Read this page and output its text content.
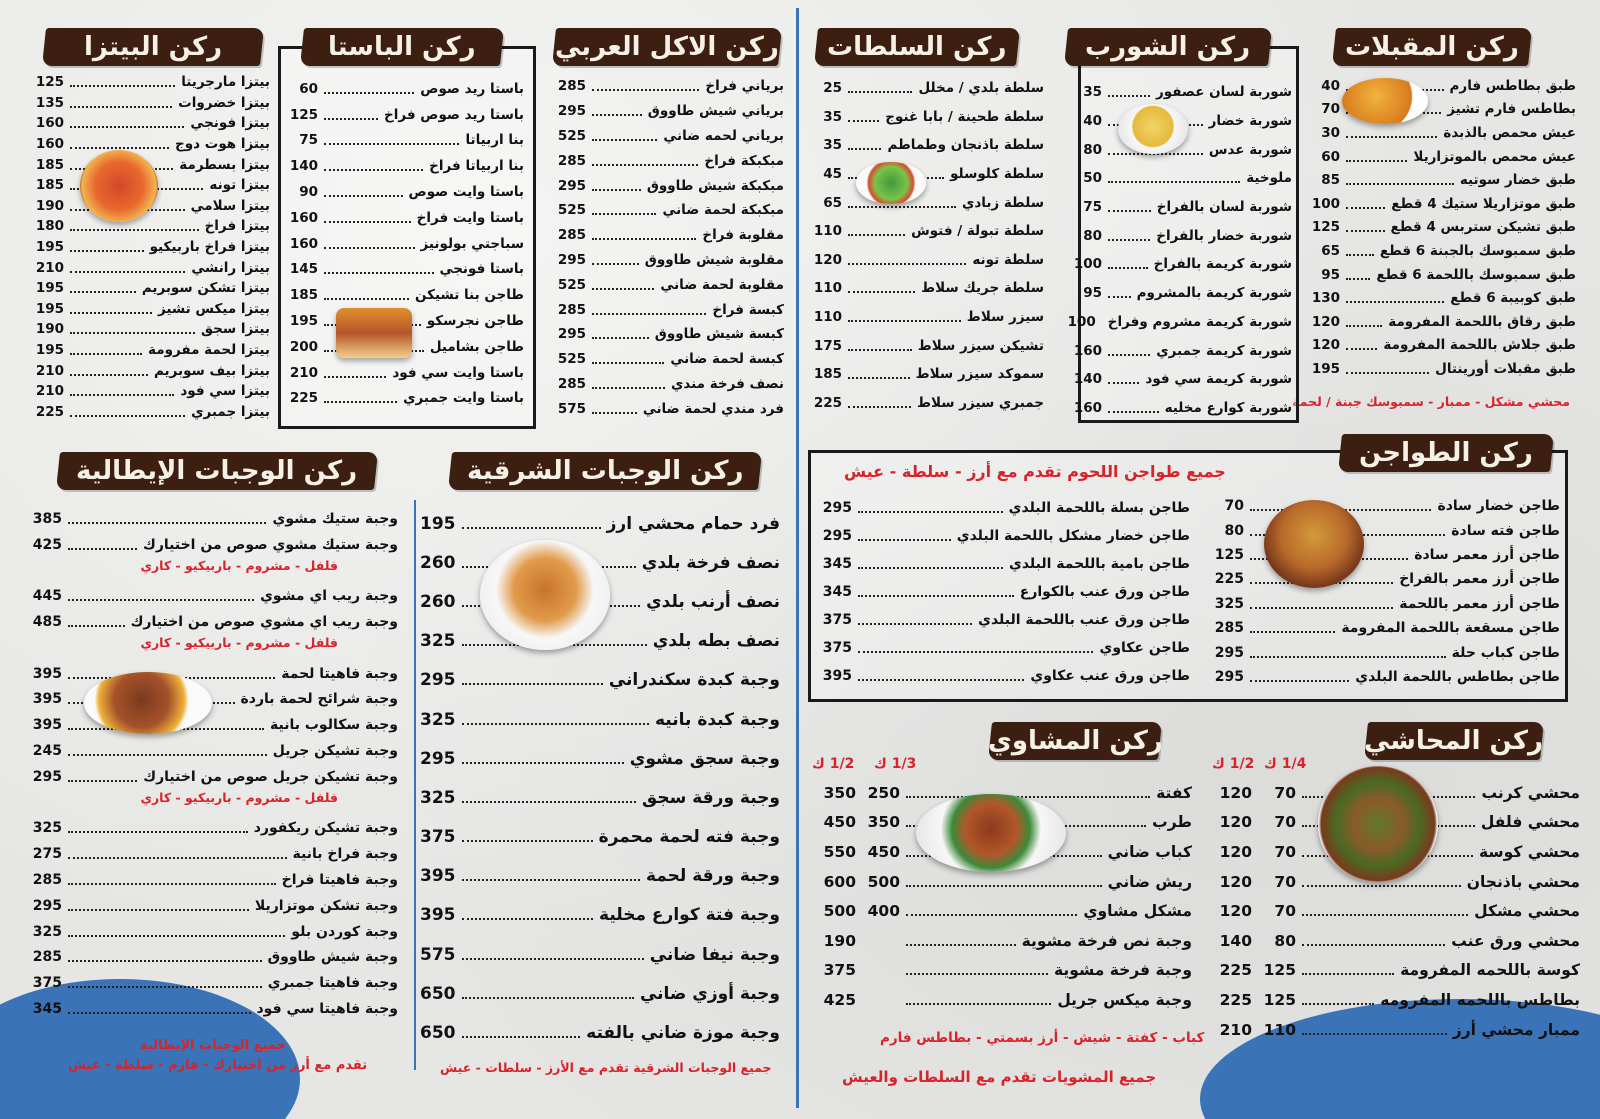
ركن المقبلات
طبق بطاطس فارم
40
بطاطس فارم تشيز
70
عيش محمص بالذبدة
30
عيش محمص بالموتزاريلا
60
طبق خضار سوتيه
85
طبق موتزاريلا ستيك 4 قطع
100
طبق تشيكن ستربس 4 قطع
125
طبق سمبوسك بالجبنة 6 قطع
65
طبق سمبوسك باللحمة 6 قطع
95
طبق كوبيبة 6 قطع
130
طبق رقاق باللحمة المفرومة
120
طبق جلاش باللحمة المفرومة
120
طبق مقبلات أورينتال
195
محشي مشكل - ممبار - سمبوسك جبنة / لحمة
ركن الشورب
شوربة لسان عصفور
35
شوربة خضار
40
شوربة عدس
80
ملوخية
50
شوربة لسان بالفراخ
75
شوربة خضار بالفراخ
80
شوربة كريمة بالفراخ
100
شوربة كريمة بالمشروم
95
شوربة كريمة مشروم وفراخ
100
شوربة كريمة جمبري
160
شوربة كريمة سي فود
140
شوربة كوارع مخليه
160
ركن السلطات
سلطة بلدي / مخلل
25
سلطة طحينة / بابا غنوج
35
سلطة باذنجان وطماطم
35
سلطة كلوسلو
45
سلطة زبادي
65
سلطة تبولة / فتوش
110
سلطة تونه
120
سلطة جريك سلاط
110
سيزر سلاط
110
تشيكن سيزر سلاط
175
سموكد سيزر سلاط
185
جمبري سيزر سلاط
225
ركن الاكل العربي
برياني فراخ
285
برياني شيش طاووق
295
برياني لحمه ضاني
525
مبكبكة فراخ
285
مبكبكة شيش طاووق
295
مبكبكة لحمة ضاني
525
مقلوبة فراخ
285
مقلوبة شيش طاووق
295
مقلوبة لحمة ضاني
525
كبسة فراخ
285
كبسة شيش طاووق
295
كبسة لحمة ضاني
525
نصف فرخة مندي
285
فرد مندي لحمة ضاني
575
ركن الباستا
باستا ريد صوص
60
باستا ريد صوص فراخ
125
بنا اربياتا
75
بنا اربياتا فراخ
140
باستا وايت صوص
90
باستا وايت فراخ
160
سباجتي بولونيز
160
باستا فونجي
145
طاجن بنا تشيكن
185
طاجن نجرسكو
195
طاجن بشاميل
200
باستا وايت سي فود
210
باستا وايت جمبري
225
ركن البيتزا
بيتزا مارجريتا
125
بيتزا خضروات
135
بيتزا فونجي
160
بيتزا هوت دوج
160
بيتزا بسطرمة
185
بيتزا تونه
185
بيتزا سلامي
190
بيتزا فراخ
180
بيتزا فراخ باربيكيو
195
بيتزا رانشي
210
بيتزا تشكن سوبريم
195
بيتزا ميكس تشيز
195
بيتزا سجق
190
بيتزا لحمة مفرومة
195
بيتزا بيف سوبريم
210
بيتزا سي فود
210
بيتزا جمبري
225
ركن الطواجن
جميع طواجن اللحوم تقدم مع أرز - سلطة - عيش
طاجن خضار سادة
70
طاجن فته سادة
80
طاجن أرز معمر سادة
125
طاجن أرز معمر بالفراخ
225
طاجن أرز معمر باللحمة
325
طاجن مسقعة باللحمة المفرومة
285
طاجن كباب حلة
295
طاجن بطاطس باللحمة البلدي
295
طاجن بسلة باللحمة البلدي
295
طاجن خضار مشكل باللحمة البلدي
295
طاجن بامية باللحمة البلدي
345
طاجن ورق عنب بالكوارع
345
طاجن ورق عنب باللحمة البلدي
375
طاجن عكاوي
375
طاجن ورق عنب عكاوي
395
ركن الوجبات الإيطالية
وجبة ستيك مشوي
385
وجبة ستيك مشوي صوص من اختيارك
425
فلفل - مشروم - باربيكيو - كاري
وجبة ريب اي مشوي
445
وجبة ريب اي مشوي صوص من اختيارك
485
فلفل - مشروم - باربيكيو - كاري
وجبة فاهيتا لحمة
395
وجبة شرائح لحمة باردة
395
وجبة سكالوب بانية
395
وجبة تشيكن جريل
245
وجبة تشيكن جريل صوص من اختيارك
295
فلفل - مشروم - باربيكيو - كاري
وجبة تشيكن ريكفورد
325
وجبة فراخ بانية
275
وجبة فاهيتا فراخ
285
وجبة تشكن موتزاريلا
295
وجبة كوردن بلو
325
وجبة شيش طاووق
285
وجبة فاهيتا جمبري
375
وجبة فاهيتا سي فود
345
جميع الوجبات الإيطالية
تقدم مع أرز من اختيارك - فارم - سلطة - عيش
ركن الوجبات الشرقية
فرد حمام محشي ارز
195
نصف فرخة بلدي
260
نصف أرنب بلدي
260
نصف بطه بلدي
325
وجبة كبدة سكندراني
295
وجبة كبدة بانيه
325
وجبة سجق مشوي
295
وجبة ورقة سجق
325
وجبة فته لحمة محمرة
375
وجبة ورقة لحمة
395
وجبة فتة كوارع مخلية
395
وجبة نيفا ضاني
575
وجبة أوزي ضاني
650
وجبة موزة ضاني بالفته
650
جميع الوجبات الشرقية تقدم مع الأرز - سلطات - عيش
ركن المشاوي
1/3 ك
1/2 ك
كفتة
250
350
طرب
350
450
كباب ضاني
450
550
ريش ضاني
500
600
مشكل مشاوي
400
500
وجبة نص فرخة مشوية
190
وجبة فرخة مشوية
375
وجبة ميكس جريل
425
كباب - كفتة - شيش - أرز بسمتي - بطاطس فارم
جميع المشويات تقدم مع السلطات والعيش
ركن المحاشي
1/4 ك
1/2 ك
محشي كرنب
70
120
محشي فلفل
70
120
محشي كوسة
70
120
محشي باذنجان
70
120
محشي مشكل
70
120
محشي ورق عنب
80
140
كوسة باللحمه المفرومة
125
225
بطاطس باللحمه المفرومه
125
225
ممبار محشي أرز
110
210
